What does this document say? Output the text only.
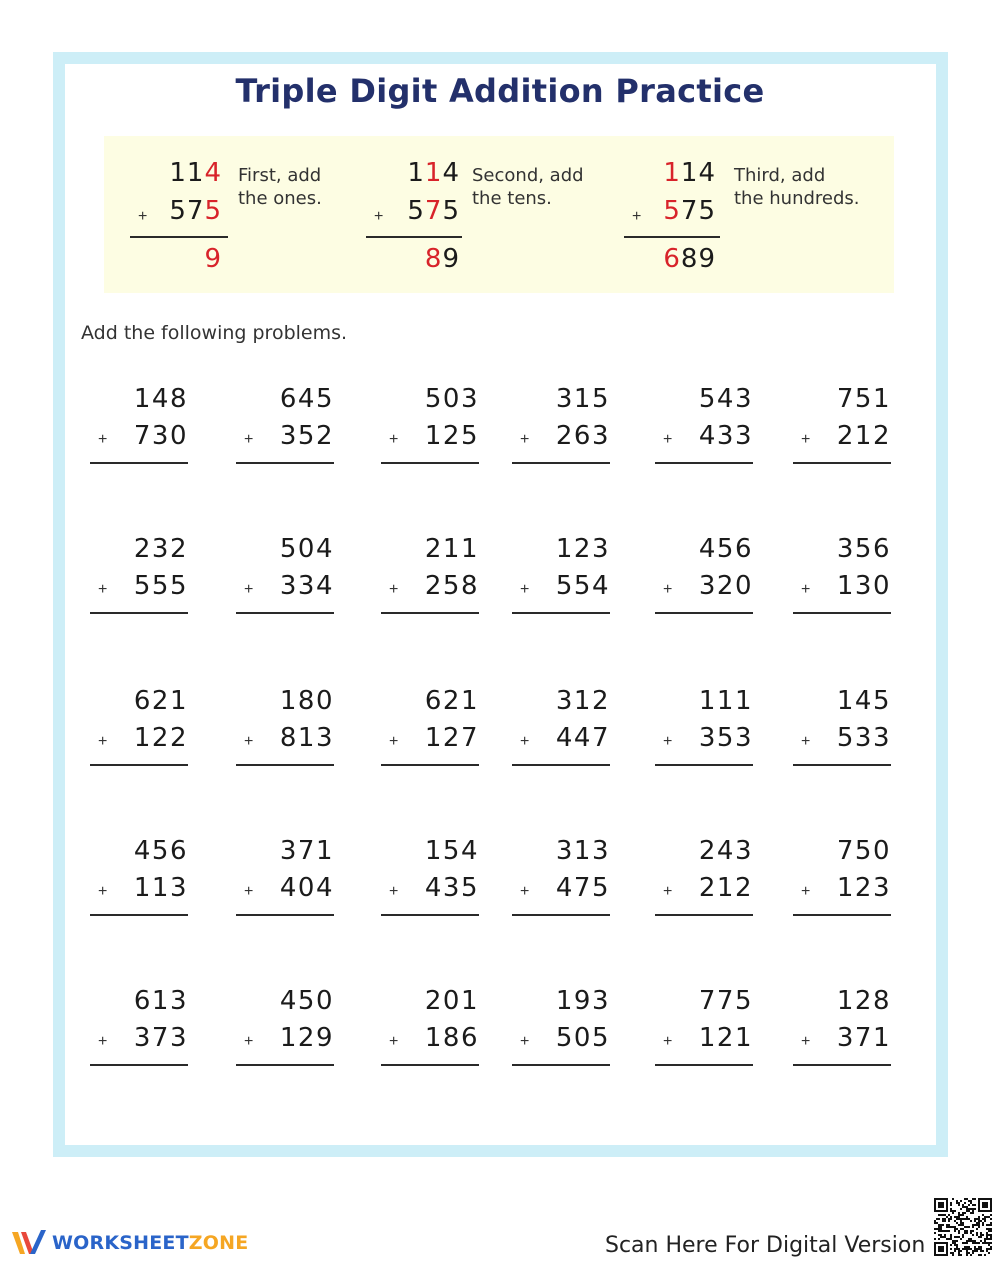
Triple Digit Addition Practice
114
+ 575
9
First, add
the ones.
114
+ 575
89
Second, add
the tens.
114
+ 575
689
Third, add
the hundreds.
Add the following problems.
148
+ 730
645
+ 352
503
+ 125
315
+ 263
543
+ 433
751
+ 212
232
+ 555
504
+ 334
211
+ 258
123
+ 554
456
+ 320
356
+ 130
621
+ 122
180
+ 813
621
+ 127
312
+ 447
111
+ 353
145
+ 533
456
+ 113
371
+ 404
154
+ 435
313
+ 475
243
+ 212
750
+ 123
613
+ 373
450
+ 129
201
+ 186
193
+ 505
775
+ 121
128
+ 371
WORKSHEETZONE	Scan Here For Digital Version
